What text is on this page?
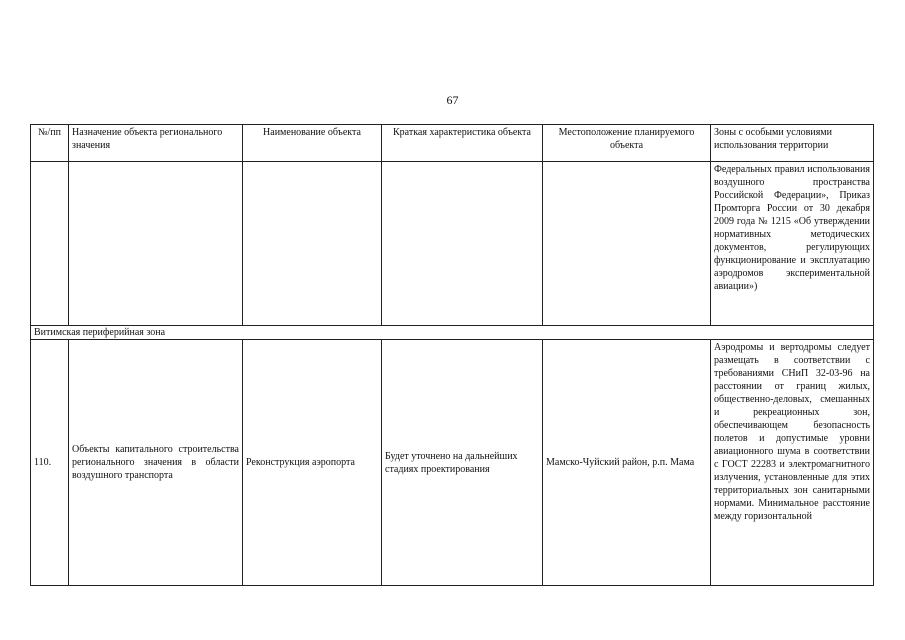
67
№/пп	Назначение объекта регионального значения	Наименование объекта	Краткая характеристика объекта	Местоположение планируемого объекта	Зоны с особыми условиями использования территории
					Федеральных правил использования воздушного пространства Российской Федерации», Приказ Промторга России от 30 декабря 2009 года № 1215 «Об утверждении нормативных методических документов, регулирующих функционирование и эксплуатацию аэродромов экспериментальной авиации»)
Витимская периферийная зона					
110.	Объекты капитального строительства регионального значения в области воздушного транспорта	Реконструкция аэропорта	Будет уточнено на дальнейших стадиях проектирования	Мамско-Чуйский район, р.п. Мама	Аэродромы и вертодромы следует размещать в соответствии с требованиями СНиП 32-03-96 на расстоянии от границ жилых, общественно-деловых, смешанных и рекреационных зон, обеспечивающем безопасность полетов и допустимые уровни авиационного шума в соответствии с ГОСТ 22283 и электромагнитного излучения, установленные для этих территориальных зон санитарными нормами. Минимальное расстояние между горизонтальной
